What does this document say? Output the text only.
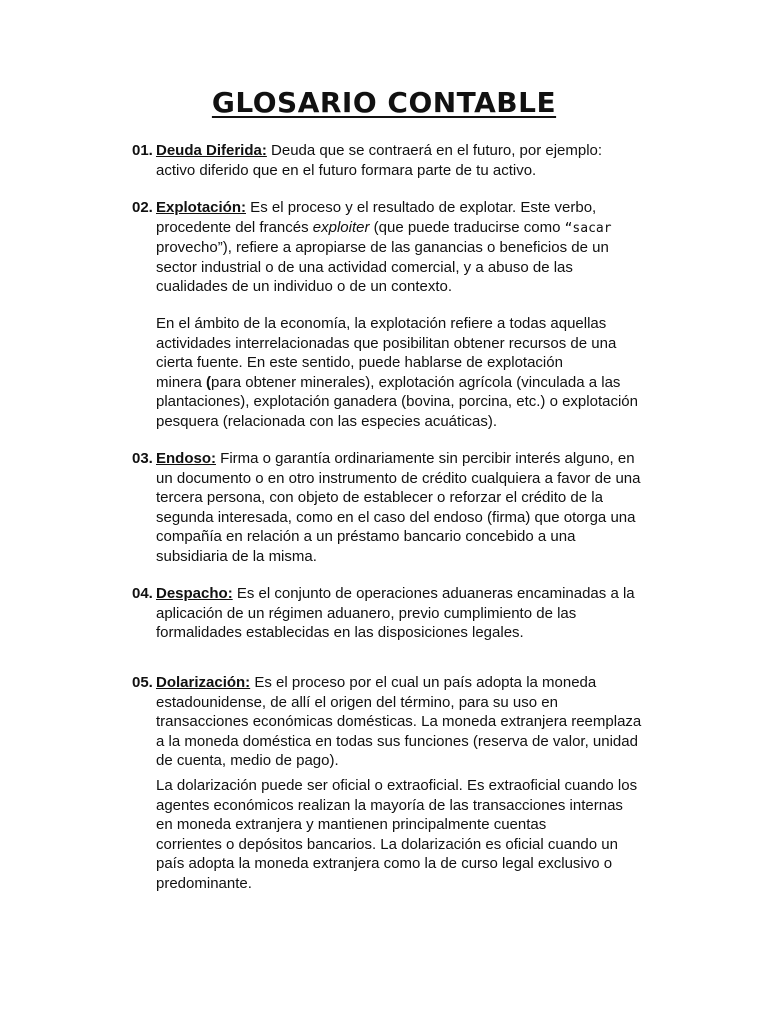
GLOSARIO CONTABLE
01. Deuda Diferida: Deuda que se contraerá en el futuro, por ejemplo:
activo diferido que en el futuro formara parte de tu activo.
02. Explotación: Es el proceso y el resultado de explotar. Este verbo,
procedente del francés exploiter (que puede traducirse como “sacar
provecho”), refiere a apropiarse de las ganancias o beneficios de un
sector industrial o de una actividad comercial, y a abuso de las
cualidades de un individuo o de un contexto.
En el ámbito de la economía, la explotación refiere a todas aquellas
actividades interrelacionadas que posibilitan obtener recursos de una
cierta fuente. En este sentido, puede hablarse de explotación
minera (para obtener minerales), explotación agrícola (vinculada a las
plantaciones), explotación ganadera (bovina, porcina, etc.) o explotación
pesquera (relacionada con las especies acuáticas).
03. Endoso: Firma o garantía ordinariamente sin percibir interés alguno, en
un documento o en otro instrumento de crédito cualquiera a favor de una
tercera persona, con objeto de establecer o reforzar el crédito de la
segunda interesada, como en el caso del endoso (firma) que otorga una
compañía en relación a un préstamo bancario concebido a una
subsidiaria de la misma.
04. Despacho: Es el conjunto de operaciones aduaneras encaminadas a la
aplicación de un régimen aduanero, previo cumplimiento de las
formalidades establecidas en las disposiciones legales.
05. Dolarización: Es el proceso por el cual un país adopta la moneda
estadounidense, de allí el origen del término, para su uso en
transacciones económicas domésticas. La moneda extranjera reemplaza
a la moneda doméstica en todas sus funciones (reserva de valor, unidad
de cuenta, medio de pago).
La dolarización puede ser oficial o extraoficial. Es extraoficial cuando los
agentes económicos realizan la mayoría de las transacciones internas
en moneda extranjera y mantienen principalmente cuentas
corrientes o depósitos bancarios. La dolarización es oficial cuando un
país adopta la moneda extranjera como la de curso legal exclusivo o
predominante.
